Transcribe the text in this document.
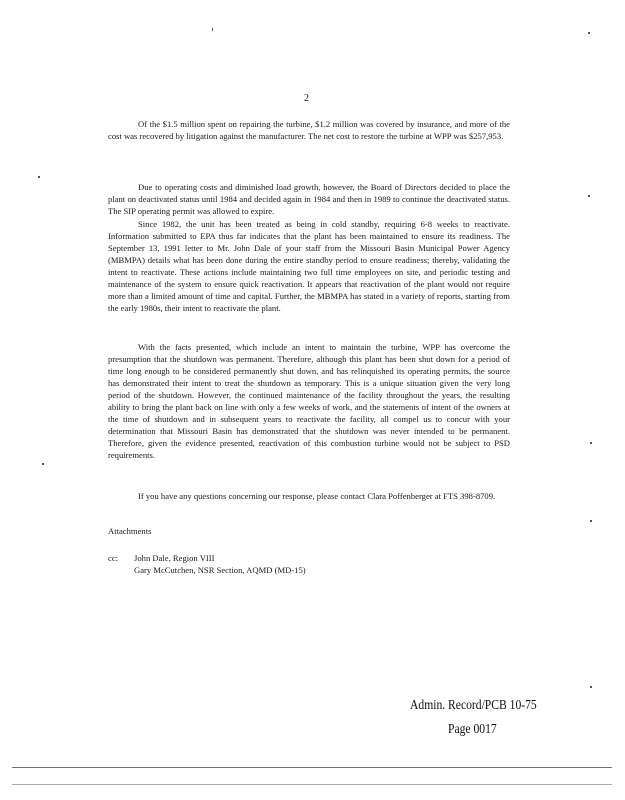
2

Of the $1.5 million spent on repairing the turbine, $1.2 million was covered by insurance, and more of the cost was recovered by litigation against the manufacturer. The net cost to restore the turbine at WPP was $257,953.

Due to operating costs and diminished load growth, however, the Board of Directors decided to place the plant on deactivated status until 1984 and decided again in 1984 and then in 1989 to continue the deactivated status. The SIP operating permit was allowed to expire.

Since 1982, the unit has been treated as being in cold standby, requiring 6-8 weeks to reactivate. Information submitted to EPA thus far indicates that the plant has been maintained to ensure its readiness. The September 13, 1991 letter to Mr. John Dale of your staff from the Missouri Basin Municipal Power Agency (MBMPA) details what has been done during the entire standby period to ensure readiness; thereby, validating the intent to reactivate. These actions include maintaining two full time employees on site, and periodic testing and maintenance of the system to ensure quick reactivation. It appears that reactivation of the plant would not require more than a limited amount of time and capital. Further, the MBMPA has stated in a variety of reports, starting from the early 1980s, their intent to reactivate the plant.

With the facts presented, which include an intent to maintain the turbine, WPP has overcome the presumption that the shutdown was permanent. Therefore, although this plant has been shut down for a period of time long enough to be considered permanently shut down, and has relinquished its operating permits, the source has demonstrated their intent to treat the shutdown as temporary. This is a unique situation given the very long period of the shutdown. However, the continued maintenance of the facility throughout the years, the resulting ability to bring the plant back on line with only a few weeks of work, and the statements of intent of the owners at the time of shutdown and in subsequent years to reactivate the facility, all compel us to concur with your determination that Missouri Basin has demonstrated that the shutdown was never intended to be permanent. Therefore, given the evidence presented, reactivation of this combustion turbine would not be subject to PSD requirements.

If you have any questions concerning our response, please contact Clara Poffenberger at FTS 398-8709.

Attachments
cc: John Dale, Region VIII
Gary McCutchen, NSR Section, AQMD (MD-15)
Admin. Record/PCB 10-75
Page 0017
